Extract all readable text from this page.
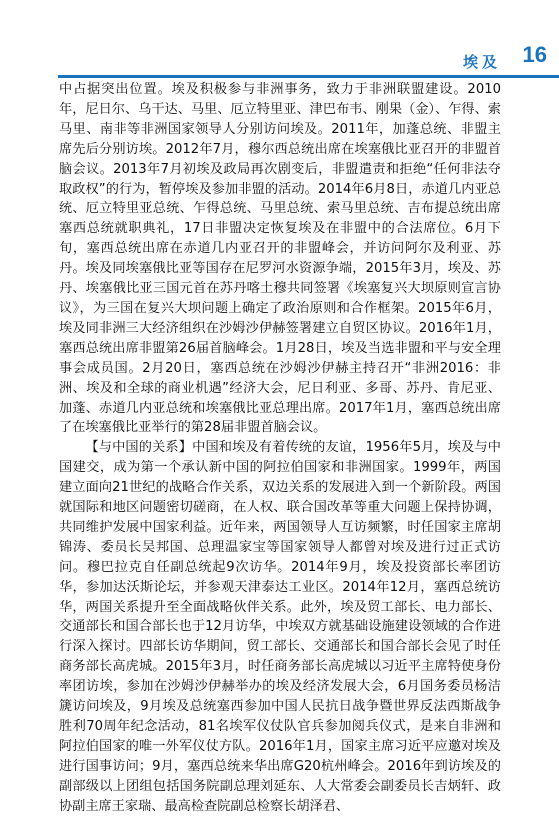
埃及 16

中占据突出位置。埃及积极参与非洲事务，致力于非洲联盟建设。2010年，尼日尔、乌干达、马里、厄立特里亚、津巴布韦、刚果（金）、乍得、索马里、南非等非洲国家领导人分别访问埃及。2011年，加蓬总统、非盟主席先后分别访埃。2012年7月，穆尔西总统出席在埃塞俄比亚召开的非盟首脑会议。2013年7月初埃及政局再次剧变后，非盟遣责和拒绝“任何非法夺取政权”的行为，暂停埃及参加非盟的活动。2014年6月8日，赤道几内亚总统、厄立特里亚总统、乍得总统、马里总统、索马里总统、吉布提总统出席塞西总统就职典礼，17日非盟决定恢复埃及在非盟中的合法席位。6月下旬，塞西总统出席在赤道几内亚召开的非盟峰会，并访问阿尔及利亚、苏丹。埃及同埃塞俄比亚等国存在尼罗河水资源争端，2015年3月，埃及、苏丹、埃塞俄比亚三国元首在苏丹喀土穆共同签署《埃塞复兴大坝原则宣言协议》，为三国在复兴大坝问题上确定了政治原则和合作框架。2015年6月，埃及同非洲三大经济组织在沙姆沙伊赫签署建立自贸区协议。2016年1月，塞西总统出席非盟第26届首脑峰会。1月28日，埃及当选非盟和平与安全理事会成员国。2月20日，塞西总统在沙姆沙伊赫主持召开“非洲2016：非洲、埃及和全球的商业机遇”经济大会，尼日利亚、多哥、苏丹、肯尼亚、加蓬、赤道几内亚总统和埃塞俄比亚总理出席。2017年1月，塞西总统出席了在埃塞俄比亚举行的第28届非盟首脑会议。

【与中国的关系】中国和埃及有着传统的友谊，1956年5月，埃及与中国建交，成为第一个承认新中国的阿拉伯国家和非洲国家。1999年，两国建立面向21世纪的战略合作关系，双边关系的发展进入到一个新阶段。两国就国际和地区问题密切磋商，在人权、联合国改革等重大问题上保持协调，共同维护发展中国家利益。近年来，两国领导人互访频繁，时任国家主席胡锦涛、委员长吴邦国、总理温家宝等国家领导人都曾对埃及进行过正式访问。穆巴拉克自任副总统起9次访华。2014年9月，埃及投资部长率团访华，参加达沃斯论坛，并参观天津泰达工业区。2014年12月，塞西总统访华，两国关系提升至全面战略伙伴关系。此外，埃及贸工部长、电力部长、交通部长和国合部长也于12月访华，中埃双方就基础设施建设领域的合作进行深入探讨。四部长访华期间，贸工部长、交通部长和国合部长会见了时任商务部长高虎城。2015年3月，时任商务部长高虎城以习近平主席特使身份率团访埃，参加在沙姆沙伊赫举办的埃及经济发展大会，6月国务委员杨洁篪访问埃及，9月埃及总统塞西参加中国人民抗日战争暨世界反法西斯战争胜利70周年纪念活动，81名埃军仪仗队官兵参加阅兵仪式，是来自非洲和阿拉伯国家的唯一外军仪仗方队。2016年1月，国家主席习近平应邀对埃及进行国事访问；9月，塞西总统来华出席G20杭州峰会。2016年到访埃及的副部级以上团组包括国务院副总理刘延东、人大常委会副委员长吉炳轩、政协副主席王家瑞、最高检查院副总检察长胡泽君、
